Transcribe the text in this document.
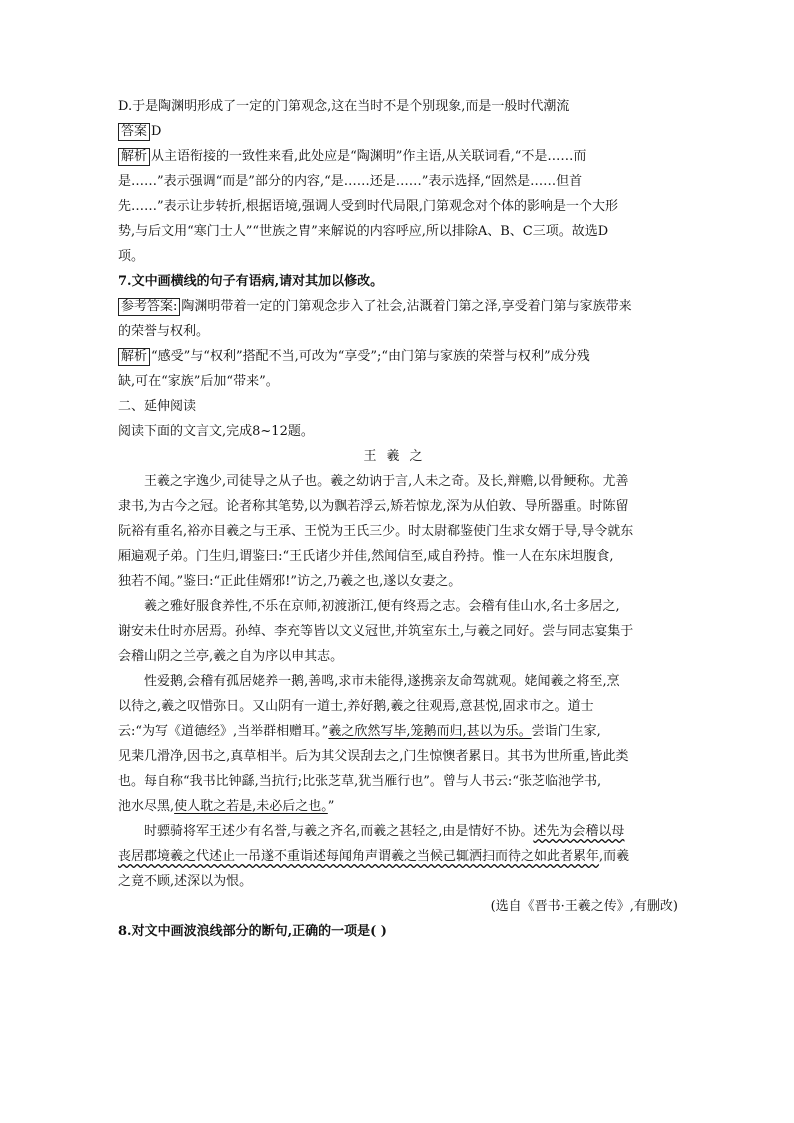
D.于是陶渊明形成了一定的门第观念,这在当时不是个别现象,而是一般时代潮流

答案 D

解析 从主语衔接的一致性来看,此处应是“陶渊明”作主语,从关联词看,“不是……而

是……”表示强调“而是”部分的内容,“是……还是……”表示选择,“固然是……但首

先……”表示让步转折,根据语境,强调人受到时代局限,门第观念对个体的影响是一个大形

势,与后文用“寒门士人”“世族之胄”来解说的内容呼应,所以排除A、B、C三项。故选D

项。

7.文中画横线的句子有语病,请对其加以修改。

参考答案: 陶渊明带着一定的门第观念步入了社会,沾溉着门第之泽,享受着门第与家族带来

的荣誉与权利。

解析 “感受”与“权利”搭配不当,可改为“享受”;“由门第与家族的荣誉与权利”成分残

缺,可在“家族”后加“带来”。

二、延伸阅读

阅读下面的文言文,完成8~12题。

王羲之

王羲之字逸少,司徒导之从子也。羲之幼讷于言,人未之奇。及长,辩赡,以骨鲠称。尤善

隶书,为古今之冠。论者称其笔势,以为飘若浮云,矫若惊龙,深为从伯敦、导所器重。时陈留

阮裕有重名,裕亦目羲之与王承、王悦为王氏三少。时太尉郗鉴使门生求女婿于导,导令就东

厢遍观子弟。门生归,谓鉴曰:“王氏诸少并佳,然闻信至,咸自矜持。惟一人在东床坦腹食,

独若不闻。”鉴曰:“正此佳婿邪!”访之,乃羲之也,遂以女妻之。

羲之雅好服食养性,不乐在京师,初渡浙江,便有终焉之志。会稽有佳山水,名士多居之,

谢安未仕时亦居焉。孙绰、李充等皆以文义冠世,并筑室东土,与羲之同好。尝与同志宴集于

会稽山阴之兰亭,羲之自为序以申其志。

性爱鹅,会稽有孤居姥养一鹅,善鸣,求市未能得,遂携亲友命驾就观。姥闻羲之将至,烹

以待之,羲之叹惜弥日。又山阴有一道士,养好鹅,羲之往观焉,意甚悦,固求市之。道士

云:“为写《道德经》,当举群相赠耳。”羲之欣然写毕,笼鹅而归,甚以为乐。尝诣门生家,

见棐几滑净,因书之,真草相半。后为其父误刮去之,门生惊懊者累日。其书为世所重,皆此类

也。每自称“我书比钟繇,当抗行;比张芝草,犹当雁行也”。曾与人书云:“张芝临池学书,

池水尽黑,使人耽之若是,未必后之也。”

时骠骑将军王述少有名誉,与羲之齐名,而羲之甚轻之,由是情好不协。述先为会稽以母

丧居郡境羲之代述止一吊遂不重诣述每闻角声谓羲之当候己辄洒扫而待之如此者累年,而羲

之竟不顾,述深以为恨。

(选自《晋书·王羲之传》,有删改)

8.对文中画波浪线部分的断句,正确的一项是( )
